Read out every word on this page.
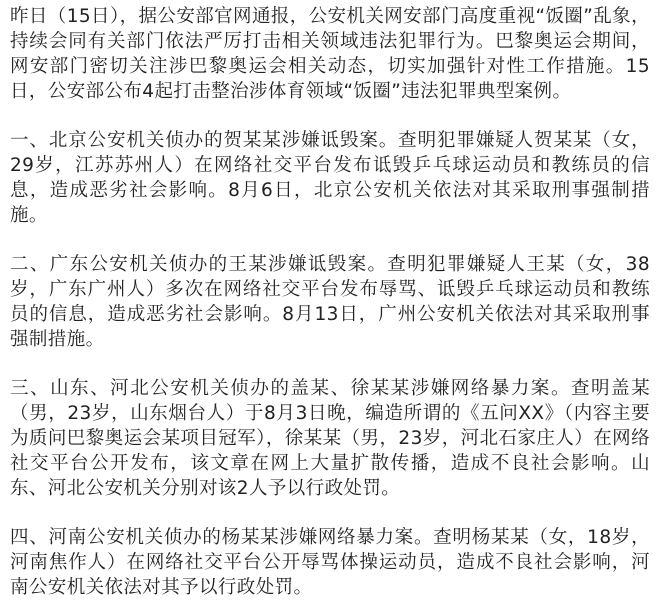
昨日（15日），据公安部官网通报，公安机关网安部门高度重视“饭圈”乱象，持续会同有关部门依法严厉打击相关领域违法犯罪行为。巴黎奥运会期间，网安部门密切关注涉巴黎奥运会相关动态，切实加强针对性工作措施。15日，公安部公布4起打击整治涉体育领域“饭圈”违法犯罪典型案例。

一、北京公安机关侦办的贺某某涉嫌诋毁案。查明犯罪嫌疑人贺某某（女，29岁，江苏苏州人）在网络社交平台发布诋毁乒乓球运动员和教练员的信息，造成恶劣社会影响。8月6日，北京公安机关依法对其采取刑事强制措施。

二、广东公安机关侦办的王某涉嫌诋毁案。查明犯罪嫌疑人王某（女，38岁，广东广州人）多次在网络社交平台发布辱骂、诋毁乒乓球运动员和教练员的信息，造成恶劣社会影响。8月13日，广州公安机关依法对其采取刑事强制措施。

三、山东、河北公安机关侦办的盖某、徐某某涉嫌网络暴力案。查明盖某（男，23岁，山东烟台人）于8月3日晚，编造所谓的《五问XX》（内容主要为质问巴黎奥运会某项目冠军），徐某某（男，23岁，河北石家庄人）在网络社交平台公开发布，该文章在网上大量扩散传播，造成不良社会影响。山东、河北公安机关分别对该2人予以行政处罚。

四、河南公安机关侦办的杨某某涉嫌网络暴力案。查明杨某某（女，18岁，河南焦作人）在网络社交平台公开辱骂体操运动员，造成不良社会影响，河南公安机关依法对其予以行政处罚。
